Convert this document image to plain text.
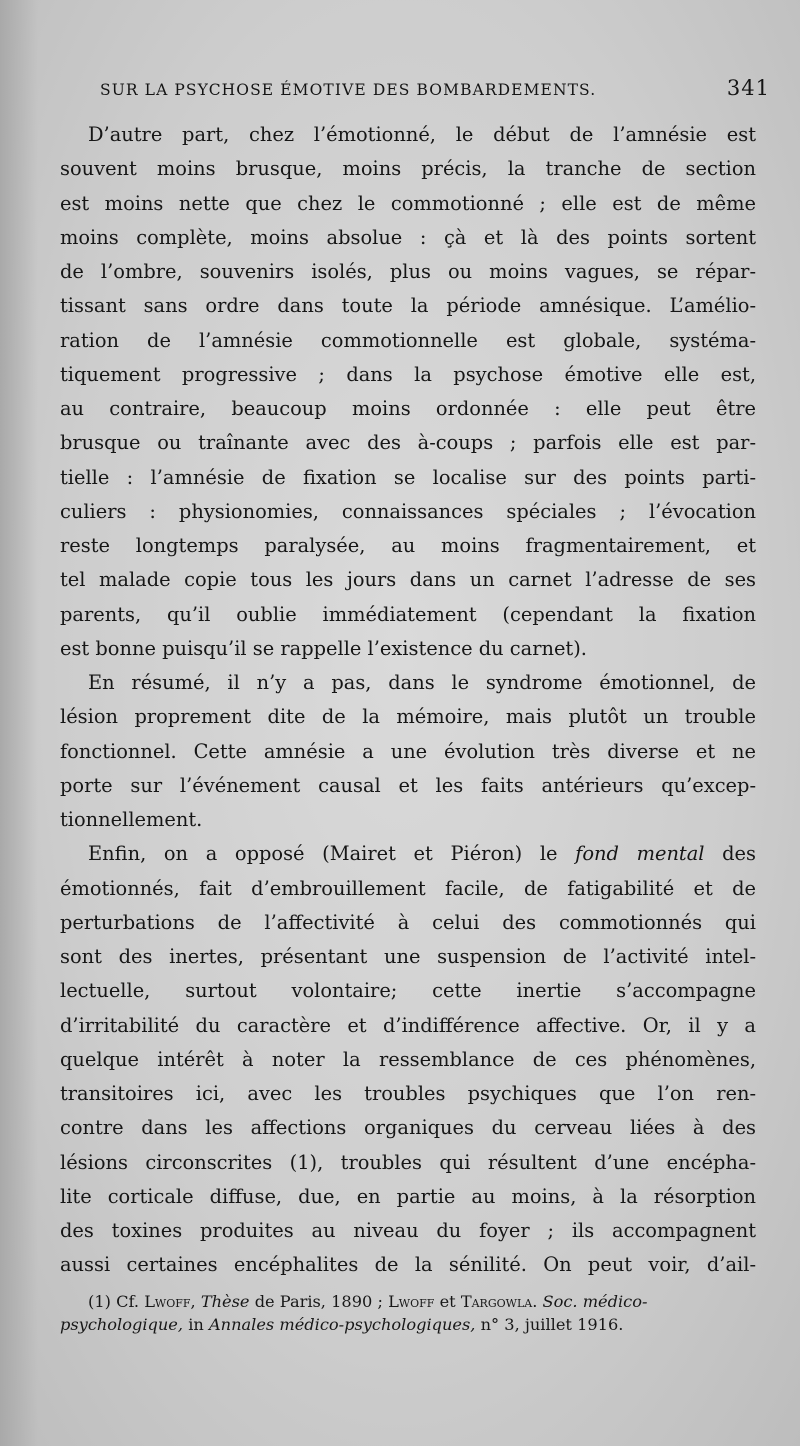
SUR LA PSYCHOSE ÉMOTIVE DES BOMBARDEMENTS.	341
D’autre part, chez l’émotionné, le début de l’amnésie est
souvent moins brusque, moins précis, la tranche de section
est moins nette que chez le commotionné ; elle est de même
moins complète, moins absolue : çà et là des points sortent
de l’ombre, souvenirs isolés, plus ou moins vagues, se répar-
tissant sans ordre dans toute la période amnésique. L’amélio-
ration de l’amnésie commotionnelle est globale, systéma-
tiquement progressive ; dans la psychose émotive elle est,
au contraire, beaucoup moins ordonnée : elle peut être
brusque ou traînante avec des à-coups ; parfois elle est par-
tielle : l’amnésie de fixation se localise sur des points parti-
culiers : physionomies, connaissances spéciales ; l’évocation
reste longtemps paralysée, au moins fragmentairement, et
tel malade copie tous les jours dans un carnet l’adresse de ses
parents, qu’il oublie immédiatement (cependant la fixation
est bonne puisqu’il se rappelle l’existence du carnet).
En résumé, il n’y a pas, dans le syndrome émotionnel, de
lésion proprement dite de la mémoire, mais plutôt un trouble
fonctionnel. Cette amnésie a une évolution très diverse et ne
porte sur l’événement causal et les faits antérieurs qu’excep-
tionnellement.
Enfin, on a opposé (Mairet et Piéron) le fond mental des
émotionnés, fait d’embrouillement facile, de fatigabilité et de
perturbations de l’affectivité à celui des commotionnés qui
sont des inertes, présentant une suspension de l’activité intel-
lectuelle, surtout volontaire; cette inertie s’accompagne
d’irritabilité du caractère et d’indifférence affective. Or, il y a
quelque intérêt à noter la ressemblance de ces phénomènes,
transitoires ici, avec les troubles psychiques que l’on ren-
contre dans les affections organiques du cerveau liées à des
lésions circonscrites (1), troubles qui résultent d’une encépha-
lite corticale diffuse, due, en partie au moins, à la résorption
des toxines produites au niveau du foyer ; ils accompagnent
aussi certaines encéphalites de la sénilité. On peut voir, d’ail-
(1) Cf. Lwoff, Thèse de Paris, 1890 ; Lwoff et Targowla. Soc. médico-
psychologique, in Annales médico-psychologiques, n° 3, juillet 1916.
